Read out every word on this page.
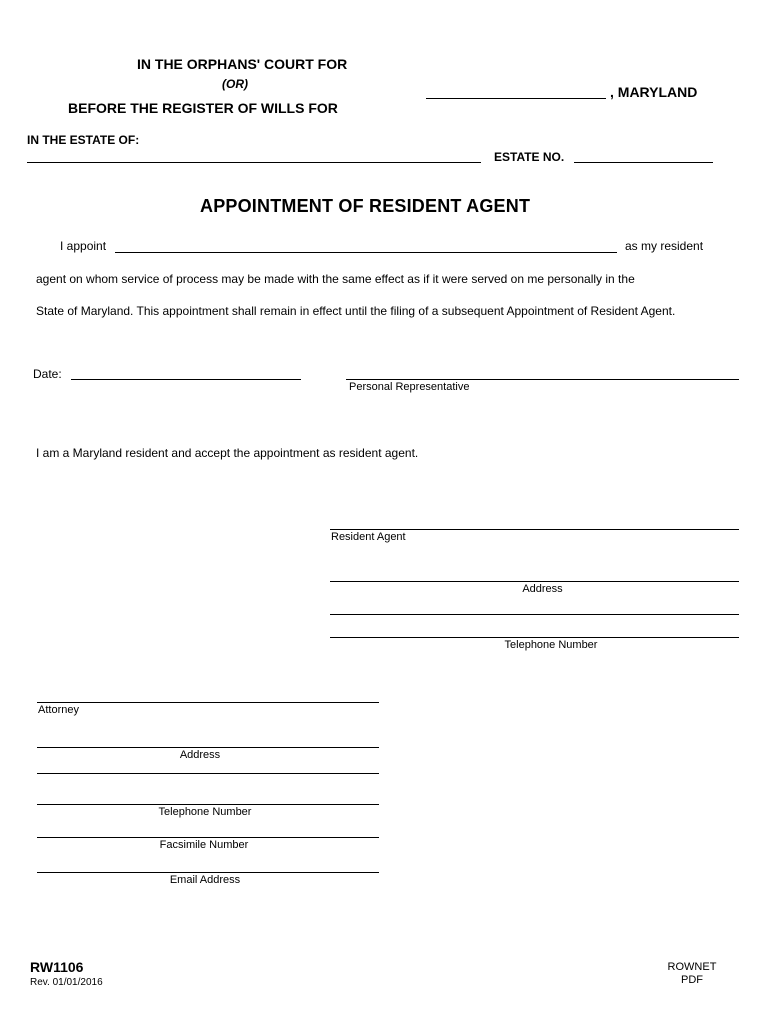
IN THE ORPHANS' COURT FOR
(OR)
BEFORE THE REGISTER OF WILLS FOR
, MARYLAND
IN THE ESTATE OF:
ESTATE NO.
APPOINTMENT OF RESIDENT AGENT
I appoint	as my resident
agent on whom service of process may be made with the same effect as if it were served on me personally in the
State of Maryland. This appointment shall remain in effect until the filing of a subsequent Appointment of Resident Agent.
Date:
Personal Representative
I am a Maryland resident and accept the appointment as resident agent.
Resident Agent
Address
Telephone Number
Attorney
Address
Telephone Number
Facsimile Number
Email Address
RW1106
Rev. 01/01/2016
ROWNET
PDF
